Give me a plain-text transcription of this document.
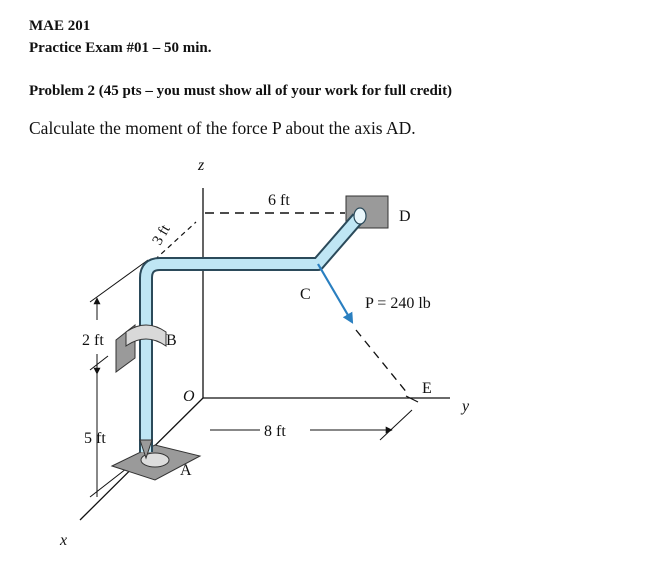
MAE 201

Practice Exam #01 – 50 min.

Problem 2 (45 pts – you must show all of your work for full credit)

Calculate the moment of the force P about the axis AD.

z
x
y
A
B
C
D
E
O
6 ft
3 ft
2 ft
5 ft	8 ft
P = 240 lb
